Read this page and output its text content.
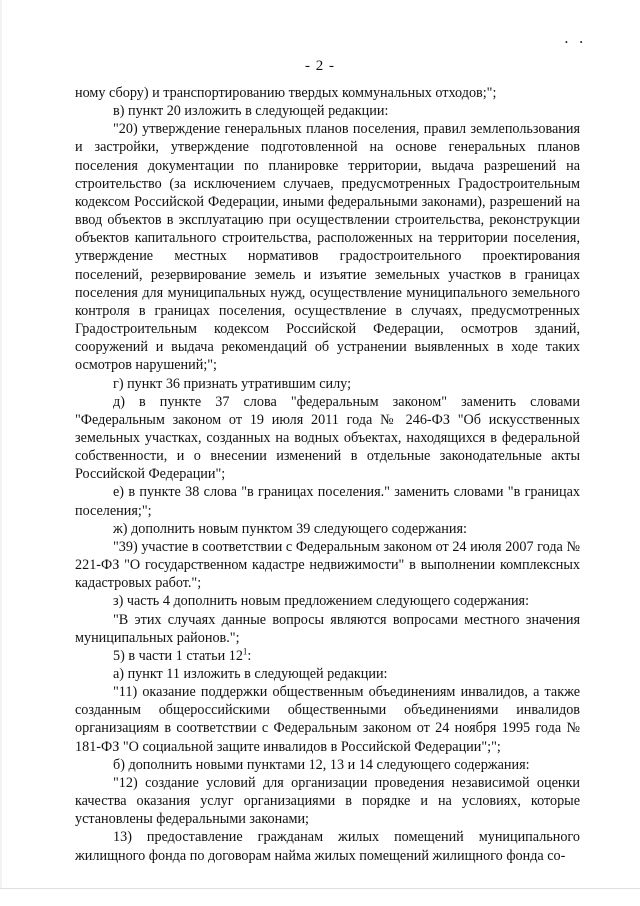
•      •
- 2 -

ному сбору) и транспортированию твердых коммунальных отходов;";

в) пункт 20 изложить в следующей редакции:

"20) утверждение генеральных планов поселения, правил землепользования и застройки, утверждение подготовленной на основе генеральных планов поселения документации по планировке территории, выдача разрешений на строительство (за исключением случаев, предусмотренных Градостроительным кодексом Российской Федерации, иными федеральными законами), разрешений на ввод объектов в эксплуатацию при осуществлении строительства, реконструкции объектов капитального строительства, расположенных на территории поселения, утверждение местных нормативов градостроительного проектирования поселений, резервирование земель и изъятие земельных участков в границах поселения для муниципальных нужд, осуществление муниципального земельного контроля в границах поселения, осуществление в случаях, предусмотренных Градостроительным кодексом Российской Федерации, осмотров зданий, сооружений и выдача рекомендаций об устранении выявленных в ходе таких осмотров нарушений;";

г) пункт 36 признать утратившим силу;

д) в пункте 37 слова "федеральным законом" заменить словами "Федеральным законом от 19 июля 2011 года № 246-ФЗ "Об искусственных земельных участках, созданных на водных объектах, находящихся в федеральной собственности, и о внесении изменений в отдельные законодательные акты Российской Федерации";

е) в пункте 38 слова "в границах поселения." заменить словами "в границах поселения;";

ж) дополнить новым пунктом 39 следующего содержания:

"39) участие в соответствии с Федеральным законом от 24 июля 2007 года № 221-ФЗ "О государственном кадастре недвижимости" в выполнении комплексных кадастровых работ.";

з) часть 4 дополнить новым предложением следующего содержания:

"В этих случаях данные вопросы являются вопросами местного значения муниципальных районов.";

5) в части 1 статьи $12^1$:

а) пункт 11 изложить в следующей редакции:

"11) оказание поддержки общественным объединениям инвалидов, а также созданным общероссийскими общественными объединениями инвалидов организациям в соответствии с Федеральным законом от 24 ноября 1995 года № 181-ФЗ "О социальной защите инвалидов в Российской Федерации";";

б) дополнить новыми пунктами 12, 13 и 14 следующего содержания:

"12) создание условий для организации проведения независимой оценки качества оказания услуг организациями в порядке и на условиях, которые установлены федеральными законами;

13) предоставление гражданам жилых помещений муниципального жилищного фонда по договорам найма жилых помещений жилищного фонда со-
